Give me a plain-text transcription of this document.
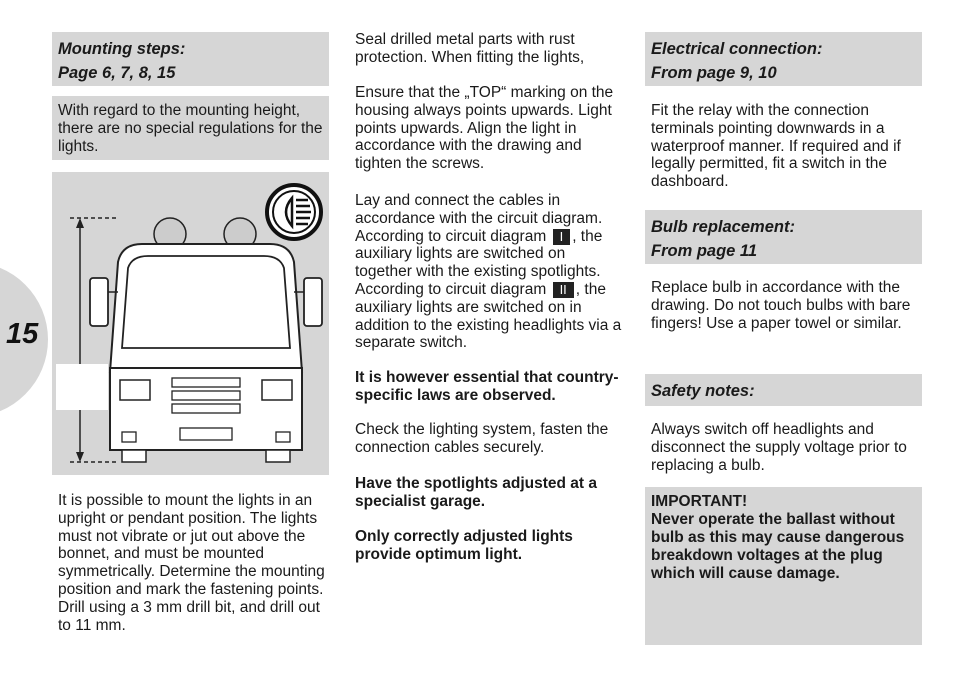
15
Mounting steps:
Page 6, 7, 8, 15
With regard to the mounting height, there are no special regulations for the lights.

It is possible to mount the lights in an upright or pendant position. The lights must not vibrate or jut out above the bonnet, and must be mounted symmetrically. Determine the mounting position and mark the fastening points. Drill using a 3 mm drill bit, and drill out to 11 mm.

Seal drilled metal parts with rust protection. When fitting the lights,

Ensure that the „TOP“ marking on the housing always points upwards. Light points upwards. Align the light in accordance with the drawing and tighten the screws.

Lay and connect the cables in accordance with the circuit diagram. According to circuit diagram I , the auxiliary lights are switched on together with the existing spotlights. According to circuit diagram II , the auxiliary lights are switched on in addition to the existing headlights via a separate switch.

It is however essential that country-specific laws are observed.

Check the lighting system, fasten the connection cables securely.

Have the spotlights adjusted at a specialist garage.

Only correctly adjusted lights provide optimum light.

Electrical connection:
From page 9, 10

Fit the relay with the connection terminals pointing downwards in a waterproof manner. If required and if legally permitted, fit a switch in the dashboard.

Bulb replacement:
From page 11

Replace bulb in accordance with the drawing. Do not touch bulbs with bare fingers! Use a paper towel or similar.

Safety notes:

Always switch off headlights and disconnect the supply voltage prior to replacing a bulb.

IMPORTANT!
Never operate the ballast without bulb as this may cause dangerous breakdown voltages at the plug which will cause damage.
